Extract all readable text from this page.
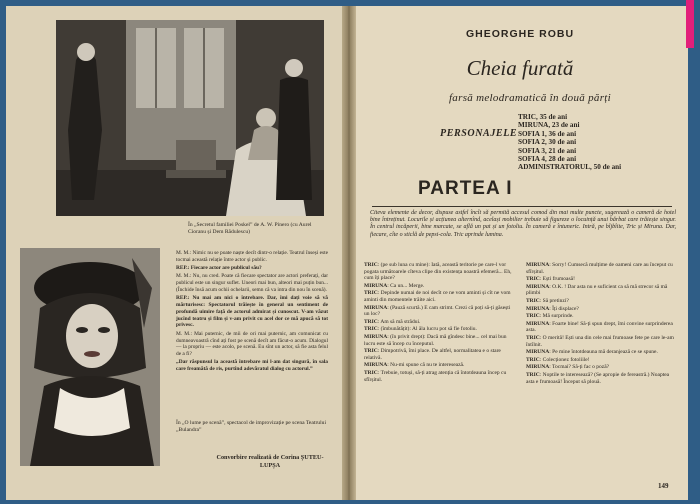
În „Secretul familiei Poskel” de A. W. Pinero (cu Aurel Cioranu și Dem Rădulescu)

M. M.: Nimic nu se poate naște decît dintr-o relație. Teatrul înseși este tocmai această relație între actor și public.

REP.: Fiecare actor are publicul său?

M. M.: Nu, nu cred. Poate că fiecare spectator are actori preferați, dar publicul este un singur suflet. Uneori mai bun, alteori mai puțin bun... (Închide însă acum ochii ochelarii, semn că va intra din nou în scenă).

REP.: Nu mai am nici o întrebare. Dar, îmi dați voie să vă mărturisesc: Spectatorul trăiește în general un sentiment de profundă uimire față de actorul admirat și cunoscut. V-am văzut jucînd teatru și film și v-am privit cu acel dor ce mă apucă să tot privesc.

M. M.: Mai puternic, de mii de ori mai puternic, am comunicat cu dumneavoastră cînd ați fost pe scenă decît am făcut-o acum. Dialogul — la propriu — este acolo, pe scenă. Eu sînt un actor, să fie asta felul de a fi?

„Dar răspunsul la această întrebare mi l-am dat singură, în sala care freamătă de ris, purtînd adevăratul dialog cu actorul.”

În „O lume pe scenă”, spectacol de improvizație pe scena Teatrului „Bulandra”
Convorbire realizată de Corina ȘUTEU-LUPȘA
GHEORGHE ROBU
Cheia furată
farsă melodramatică în două părți
PERSONAJELE
TRIC, 35 de ani
MIRUNA, 23 de ani
SOFIA 1, 36 de ani
SOFIA 2, 30 de ani
SOFIA 3, 21 de ani
SOFIA 4, 28 de ani
ADMINISTRATORUL, 50 de ani
PARTEA I
Citeva elemente de decor, dispuse astfel încît să permită accesul comod din mai multe puncte, sugerează o cameră de hotel bine întreținut. Locurile și acțiunea alternînd, același mobilier trebuie să figureze o locuință unui bărbat care trăiește singur. În centrul incăperii, bine marcate, se află un pat și un fotoliu. În cameră e întuneric. Intră, pe bîjbîite, Tric și Miruna. Dar, fiecare, cîte o sticlă de pepsi-cola. Tric aprinde lumina.

TRIC: (pe sub luna cu mine): Iată, această teritorie pe care-l vor pogata următoarele cîteva clipe din existența noastră efemeră... Eh, cum îți place?

MIRUNA: Ca un... Merge.

TRIC: Depinde numai de noi decît ce ne vom aminti și cît ne vom aminti din momentele trăite aici.

MIRUNA: (Pauză scurtă.) E cam strimt. Crezi că poți să-ți găsești un loc?

TRIC: Am să mă strădui.

TRIC: (îmbunătățit): Al ăla lucru pot să fie fotoliu.

MIRUNA: (în privit drept): Dacă mă gîndesc bine... cel mai bun lucru este să încep cu începutul.

TRIC: Dimpotrivă, îmi place. De altfel, normalitatea e o stare relativă.

MIRUNA: Nu-mi spune că nu te interesează.

TRIC: Trebuie, totuși, să-ți atrag atenția că întotdeauna încep cu sfîrșitul.

MIRUNA: Sorry! Cumsecă mulțime de oameni care au început cu sfîrșitul.

TRIC: Ești frumoasă!

MIRUNA: O.K. ! Dar asta nu e suficient ca să mă strecor să mă plimbi

TRIC: Să pretinzi?

MIRUNA: Îți displace?

TRIC: Mă surprinde.

MIRUNA: Foarte bine! Să-ți spun drept, îmi convine surprinderea asta.

TRIC: O merită! Ești una din cele mai frumoase fete pe care le-am întîlnit.

MIRUNA: Pe mine întotdeauna mă deranjează ce se spune.

TRIC: Colecționez fotoliile!

MIRUNA: Tocmai? Să-ți fac o poză?

TRIC: Noptile te interesează? (Se apropie de fereastră.) Noaptea asta e frumoasă! Început să plouă.

149
